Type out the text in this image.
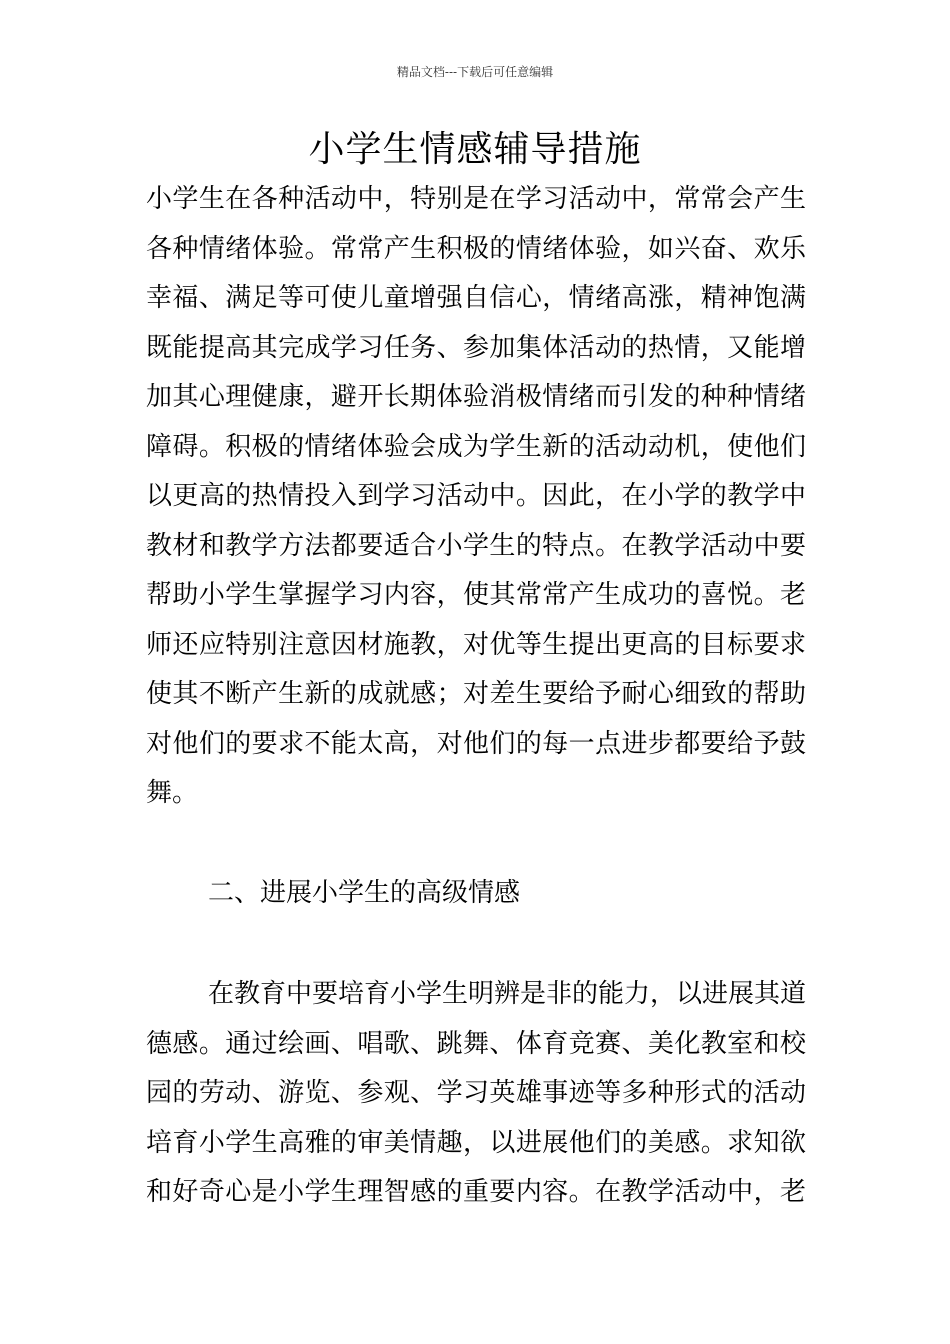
精品文档---下载后可任意编辑
小学生情感辅导措施
小学生在各种活动中，特别是在学习活动中，常常会产生
各种情绪体验。常常产生积极的情绪体验，如兴奋、欢乐
幸福、满足等可使儿童增强自信心，情绪高涨，精神饱满
既能提高其完成学习任务、参加集体活动的热情，又能增
加其心理健康，避开长期体验消极情绪而引发的种种情绪
障碍。积极的情绪体验会成为学生新的活动动机，使他们
以更高的热情投入到学习活动中。因此，在小学的教学中
教材和教学方法都要适合小学生的特点。在教学活动中要
帮助小学生掌握学习内容，使其常常产生成功的喜悦。老
师还应特别注意因材施教，对优等生提出更高的目标要求
使其不断产生新的成就感；对差生要给予耐心细致的帮助
对他们的要求不能太高，对他们的每一点进步都要给予鼓
舞。
二、进展小学生的高级情感
在教育中要培育小学生明辨是非的能力，以进展其道
德感。通过绘画、唱歌、跳舞、体育竞赛、美化教室和校
园的劳动、游览、参观、学习英雄事迹等多种形式的活动
培育小学生高雅的审美情趣，以进展他们的美感。求知欲
和好奇心是小学生理智感的重要内容。在教学活动中，老
